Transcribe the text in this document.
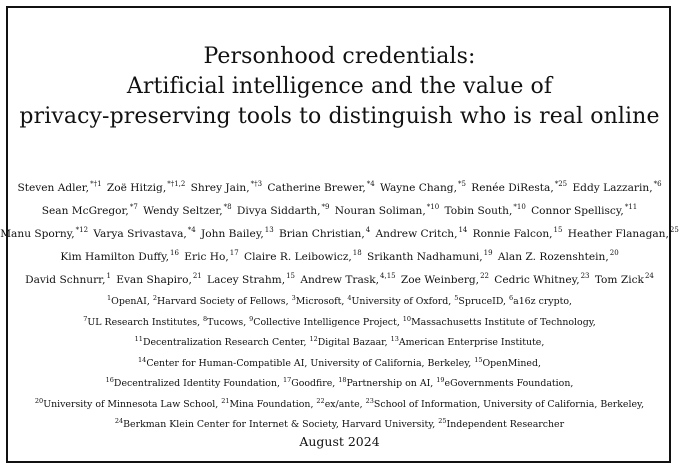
Personhood credentials:
Artificial intelligence and the value of
privacy-preserving tools to distinguish who is real online
Steven Adler,$^{*\dagger 1}$  Zoë Hitzig,$^{*\dagger 1,2}$  Shrey Jain,$^{*\dagger 3}$  Catherine Brewer,$^{*4}$  Wayne Chang,$^{*5}$  Renée DiResta,$^{*25}$  Eddy Lazzarin,$^{*6}$
Sean McGregor,$^{*7}$  Wendy Seltzer,$^{*8}$  Divya Siddarth,$^{*9}$  Nouran Soliman,$^{*10}$  Tobin South,$^{*10}$  Connor Spelliscy,$^{*11}$
Manu Sporny,$^{*12}$  Varya Srivastava,$^{*4}$  John Bailey,$^{13}$  Brian Christian,$^4$  Andrew Critch,$^{14}$  Ronnie Falcon,$^{15}$  Heather Flanagan,$^{25}$
Kim Hamilton Duffy,$^{16}$  Eric Ho,$^{17}$  Claire R. Leibowicz,$^{18}$  Srikanth Nadhamuni,$^{19}$  Alan Z. Rozenshtein,$^{20}$
David Schnurr,$^1$  Evan Shapiro,$^{21}$  Lacey Strahm,$^{15}$  Andrew Trask,$^{4,15}$  Zoe Weinberg,$^{22}$  Cedric Whitney,$^{23}$  Tom Zick$^{24}$
$^1$OpenAI, $^2$Harvard Society of Fellows, $^3$Microsoft, $^4$University of Oxford, $^5$SpruceID, $^6$a16z crypto,
$^7$UL Research Institutes, $^8$Tucows, $^9$Collective Intelligence Project, $^{10}$Massachusetts Institute of Technology,
$^{11}$Decentralization Research Center, $^{12}$Digital Bazaar, $^{13}$American Enterprise Institute,
$^{14}$Center for Human-Compatible AI, University of California, Berkeley, $^{15}$OpenMined,
$^{16}$Decentralized Identity Foundation, $^{17}$Goodfire, $^{18}$Partnership on AI, $^{19}$eGovernments Foundation,
$^{20}$University of Minnesota Law School, $^{21}$Mina Foundation, $^{22}$ex/ante, $^{23}$School of Information, University of California, Berkeley,
$^{24}$Berkman Klein Center for Internet & Society, Harvard University, $^{25}$Independent Researcher
August 2024
